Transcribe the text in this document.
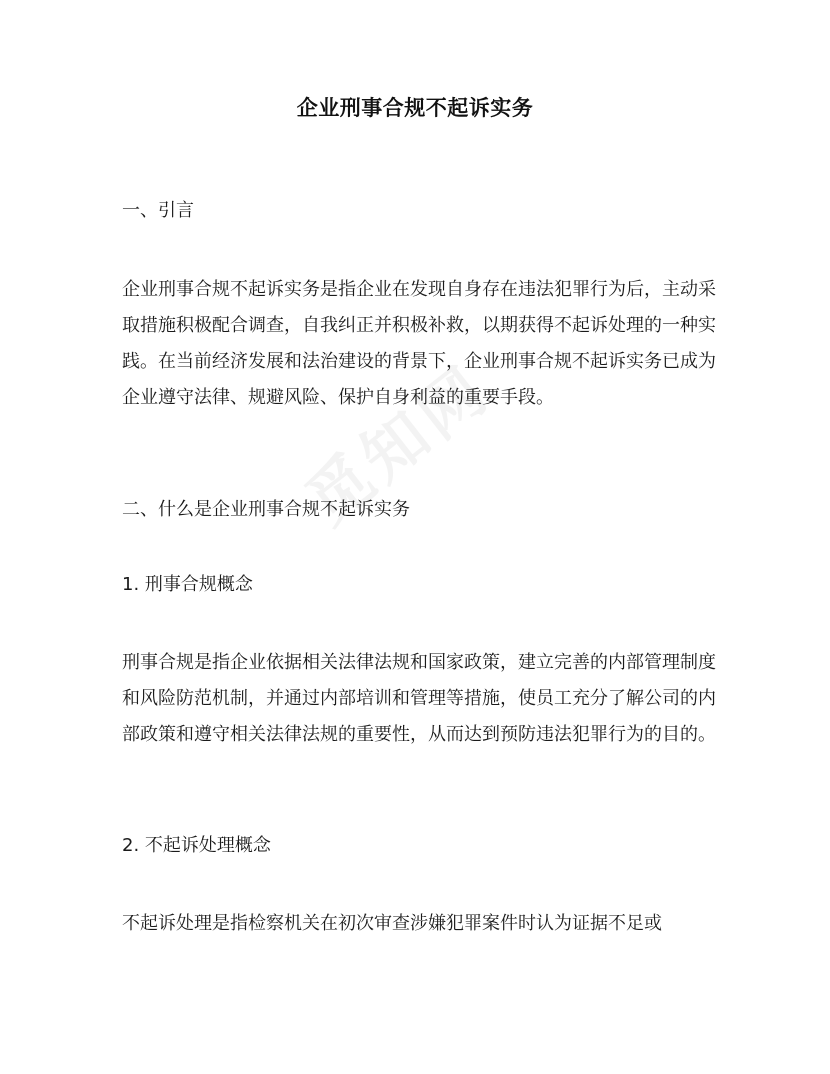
企业刑事合规不起诉实务
一、引言

企业刑事合规不起诉实务是指企业在发现自身存在违法犯罪行为后，主动采取措施积极配合调查，自我纠正并积极补救，以期获得不起诉处理的一种实践。在当前经济发展和法治建设的背景下，企业刑事合规不起诉实务已成为企业遵守法律、规避风险、保护自身利益的重要手段。

二、什么是企业刑事合规不起诉实务
1. 刑事合规概念

刑事合规是指企业依据相关法律法规和国家政策，建立完善的内部管理制度和风险防范机制，并通过内部培训和管理等措施，使员工充分了解公司的内部政策和遵守相关法律法规的重要性，从而达到预防违法犯罪行为的目的。

2. 不起诉处理概念

不起诉处理是指检察机关在初次审查涉嫌犯罪案件时认为证据不足或
